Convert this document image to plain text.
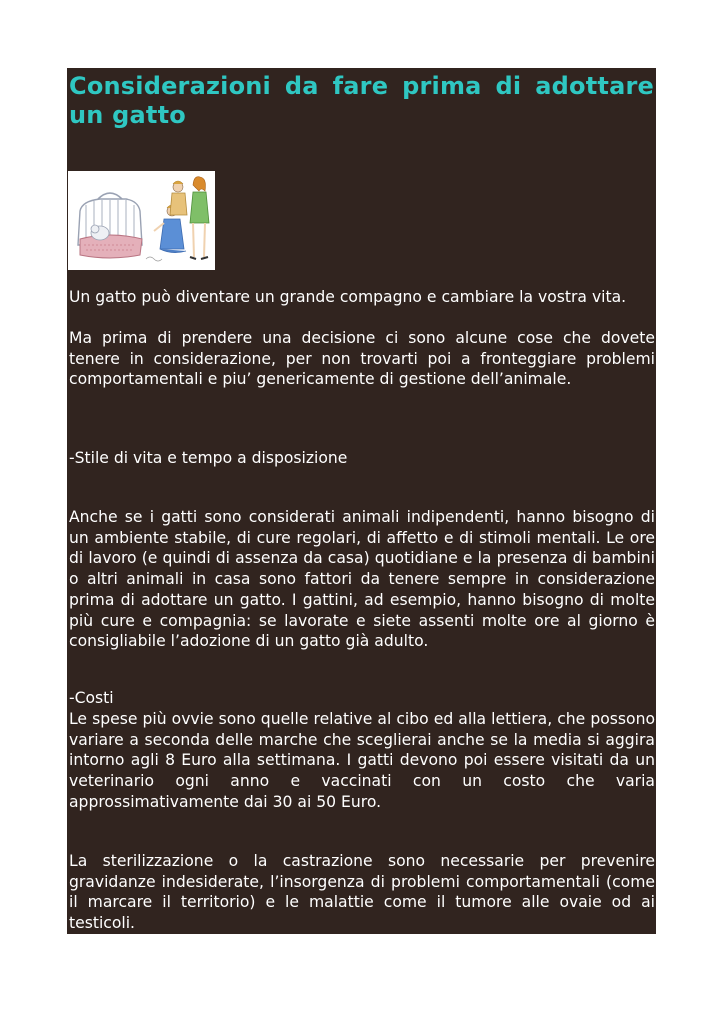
Considerazioni da fare prima di adottare un gatto

Un gatto può diventare un grande compagno e cambiare la vostra vita.

Ma prima di prendere una decisione ci sono alcune cose che dovete tenere in considerazione, per non trovarti poi a fronteggiare problemi comportamentali e piu’ genericamente di gestione dell’animale.

-Stile di vita e tempo a disposizione

Anche se i gatti sono considerati animali indipendenti, hanno bisogno di un ambiente stabile, di cure regolari, di affetto e di stimoli mentali. Le ore di lavoro (e quindi di assenza da casa) quotidiane e la presenza di bambini o altri animali in casa sono fattori da tenere sempre in considerazione prima di adottare un gatto. I gattini, ad esempio, hanno bisogno di molte più cure e compagnia: se lavorate e siete assenti molte ore al giorno è consigliabile l’adozione di un gatto già adulto.

-Costi

Le spese più ovvie sono quelle relative al cibo ed alla lettiera, che possono variare a seconda delle marche che sceglierai anche se la media si aggira intorno agli 8 Euro alla settimana. I gatti devono poi essere visitati da un veterinario ogni anno e vaccinati con un costo che varia approssimativamente dai 30 ai 50 Euro.

La sterilizzazione o la castrazione sono necessarie per prevenire gravidanze indesiderate, l’insorgenza di problemi comportamentali (come il marcare il territorio) e le malattie come il tumore alle ovaie od ai testicoli.
